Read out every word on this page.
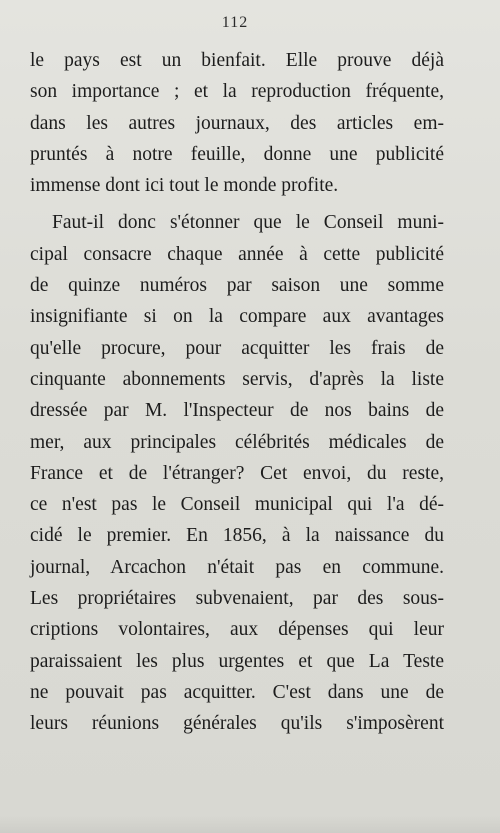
112
le pays est un bienfait. Elle prouve déjà
son importance ; et la reproduction fréquente,
dans les autres journaux, des articles em-
pruntés à notre feuille, donne une publicité
immense dont ici tout le monde profite.
Faut-il donc s'étonner que le Conseil muni-
cipal consacre chaque année à cette publicité
de quinze numéros par saison une somme
insignifiante si on la compare aux avantages
qu'elle procure, pour acquitter les frais de
cinquante abonnements servis, d'après la liste
dressée par M. l'Inspecteur de nos bains de
mer, aux principales célébrités médicales de
France et de l'étranger? Cet envoi, du reste,
ce n'est pas le Conseil municipal qui l'a dé-
cidé le premier. En 1856, à la naissance du
journal, Arcachon n'était pas en commune.
Les propriétaires subvenaient, par des sous-
criptions volontaires, aux dépenses qui leur
paraissaient les plus urgentes et que La Teste
ne pouvait pas acquitter. C'est dans une de
leurs réunions générales qu'ils s'imposèrent
